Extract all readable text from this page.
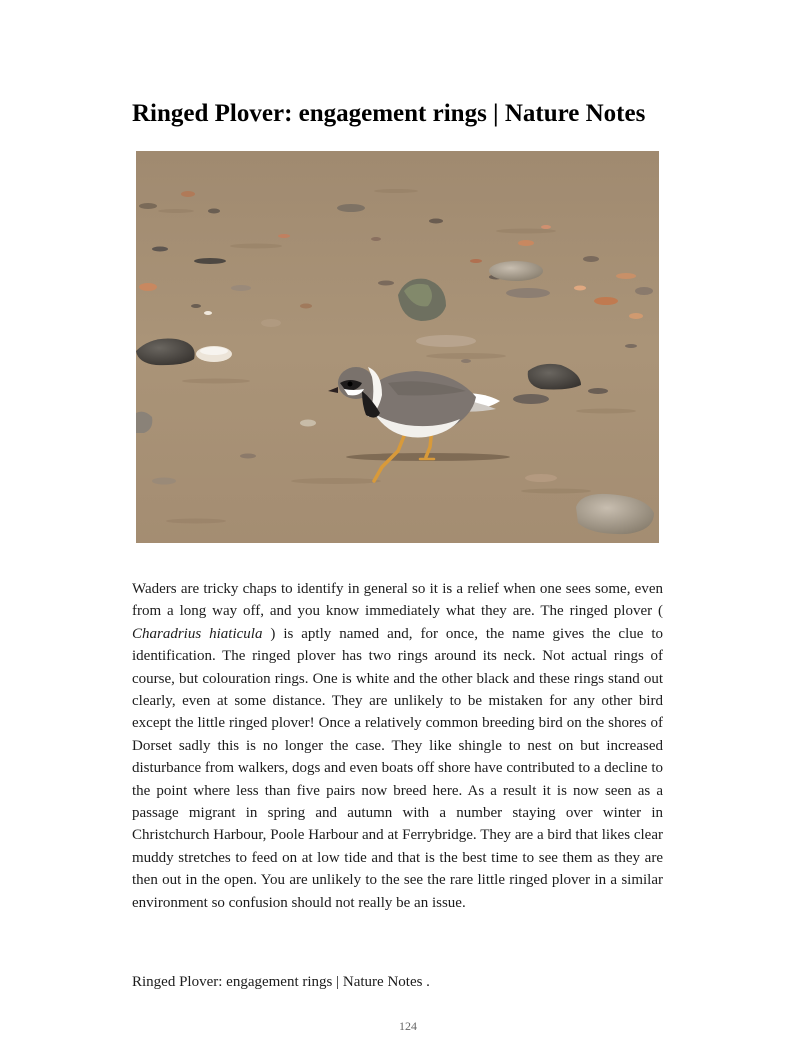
Ringed Plover: engagement rings | Nature Notes

Waders are tricky chaps to identify in general so it is a relief when one sees some, even from a long way off, and you know immediately what they are. The ringed plover ( Charadrius hiaticula ) is aptly named and, for once, the name gives the clue to identification. The ringed plover has two rings around its neck. Not actual rings of course, but colouration rings. One is white and the other black and these rings stand out clearly, even at some distance. They are unlikely to be mistaken for any other bird except the little ringed plover! Once a relatively common breeding bird on the shores of Dorset sadly this is no longer the case. They like shingle to nest on but increased disturbance from walkers, dogs and even boats off shore have contributed to a decline to the point where less than five pairs now breed here. As a result it is now seen as a passage migrant in spring and autumn with a number staying over winter in Christchurch Harbour, Poole Harbour and at Ferrybridge. They are a bird that likes clear muddy stretches to feed on at low tide and that is the best time to see them as they are then out in the open. You are unlikely to the see the rare little ringed plover in a similar environment so confusion should not really be an issue.

Ringed Plover: engagement rings | Nature Notes .

124
